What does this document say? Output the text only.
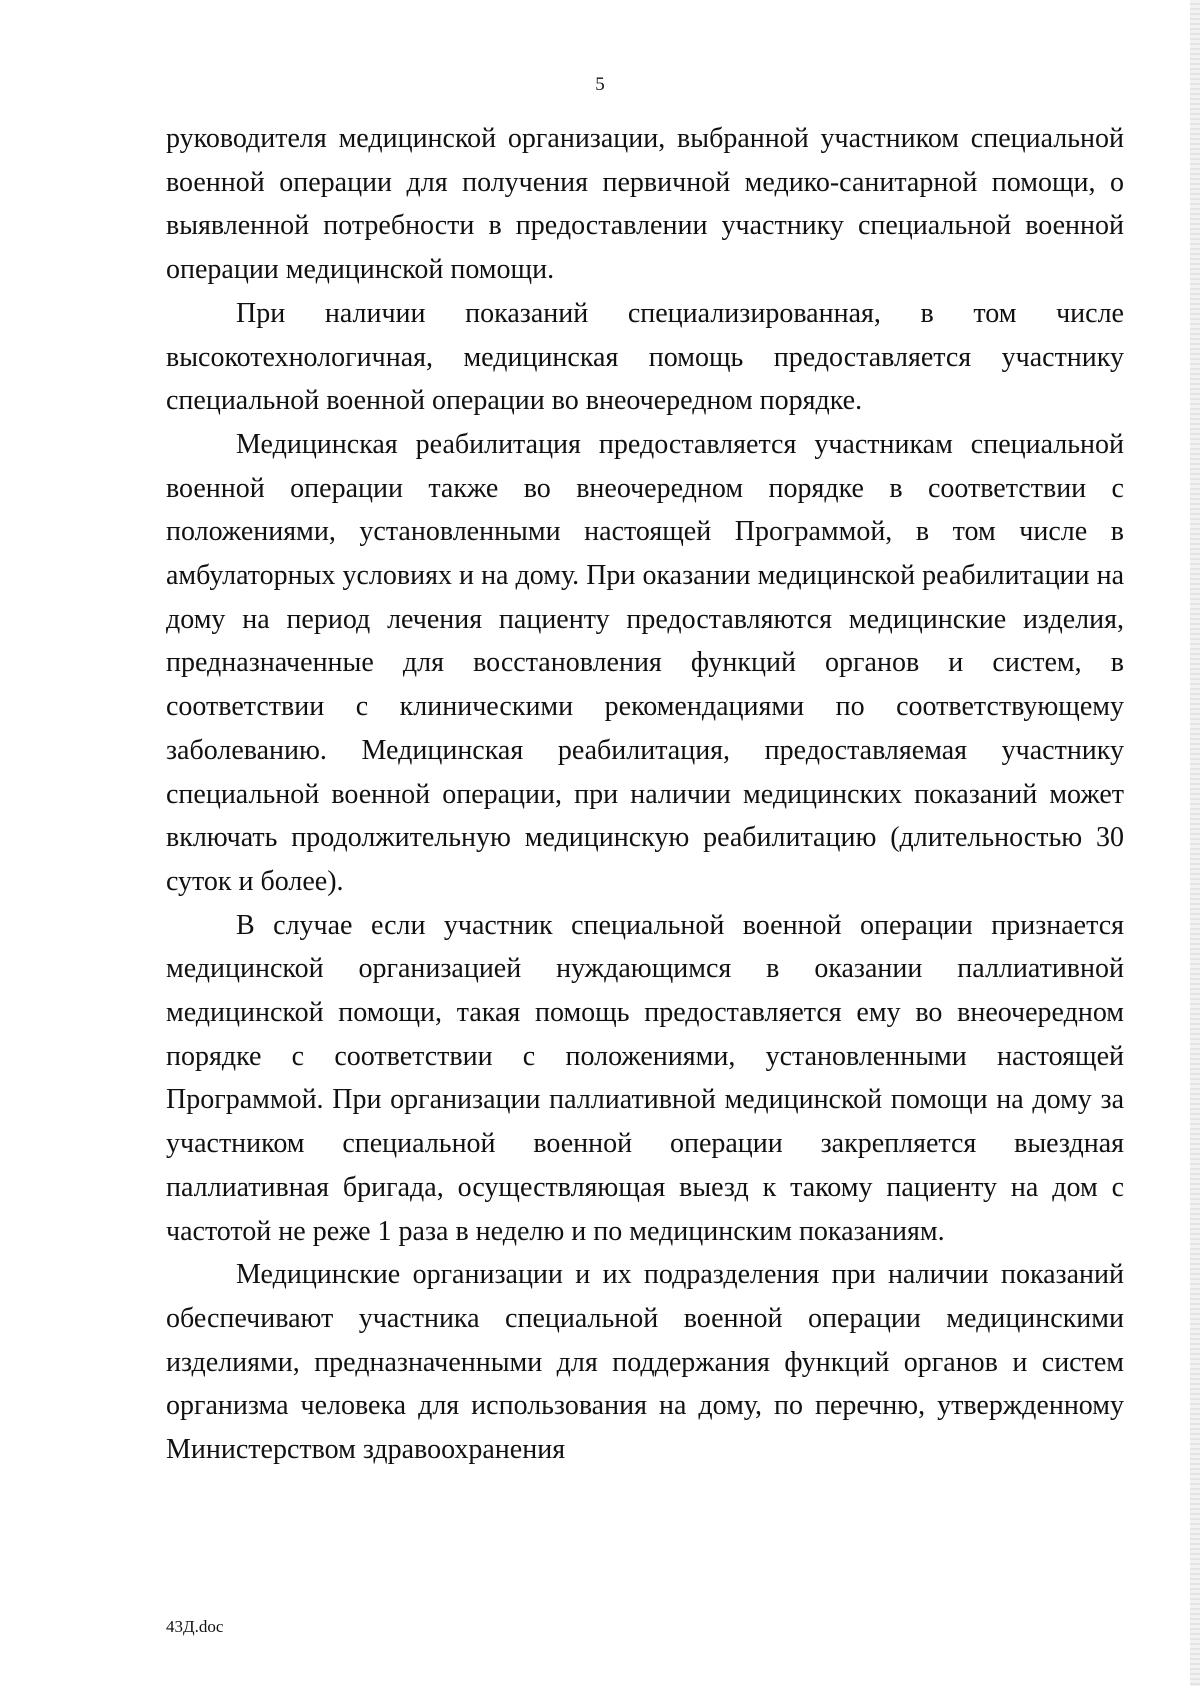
5

руководителя медицинской организации, выбранной участником специальной военной операции для получения первичной медико-санитарной помощи, о выявленной потребности в предоставлении участнику специальной военной операции медицинской помощи.

При наличии показаний специализированная, в том числе высокотехнологичная, медицинская помощь предоставляется участнику специальной военной операции во внеочередном порядке.

Медицинская реабилитация предоставляется участникам специальной военной операции также во внеочередном порядке в соответствии с положениями, установленными настоящей Программой, в том числе в амбулаторных условиях и на дому. При оказании медицинской реабилитации на дому на период лечения пациенту предоставляются медицинские изделия, предназначенные для восстановления функций органов и систем, в соответствии с клиническими рекомендациями по соответствующему заболеванию. Медицинская реабилитация, предоставляемая участнику специальной военной операции, при наличии медицинских показаний может включать продолжительную медицинскую реабилитацию (длительностью 30 суток и более).

В случае если участник специальной военной операции признается медицинской организацией нуждающимся в оказании паллиативной медицинской помощи, такая помощь предоставляется ему во внеочередном порядке с соответствии с положениями, установленными настоящей Программой. При организации паллиативной медицинской помощи на дому за участником специальной военной операции закрепляется выездная паллиативная бригада, осуществляющая выезд к такому пациенту на дом с частотой не реже 1 раза в неделю и по медицинским показаниям.

Медицинские организации и их подразделения при наличии показаний обеспечивают участника специальной военной операции медицинскими изделиями, предназначенными для поддержания функций органов и систем организма человека для использования на дому, по перечню, утвержденному Министерством здравоохранения

43Д.doc
